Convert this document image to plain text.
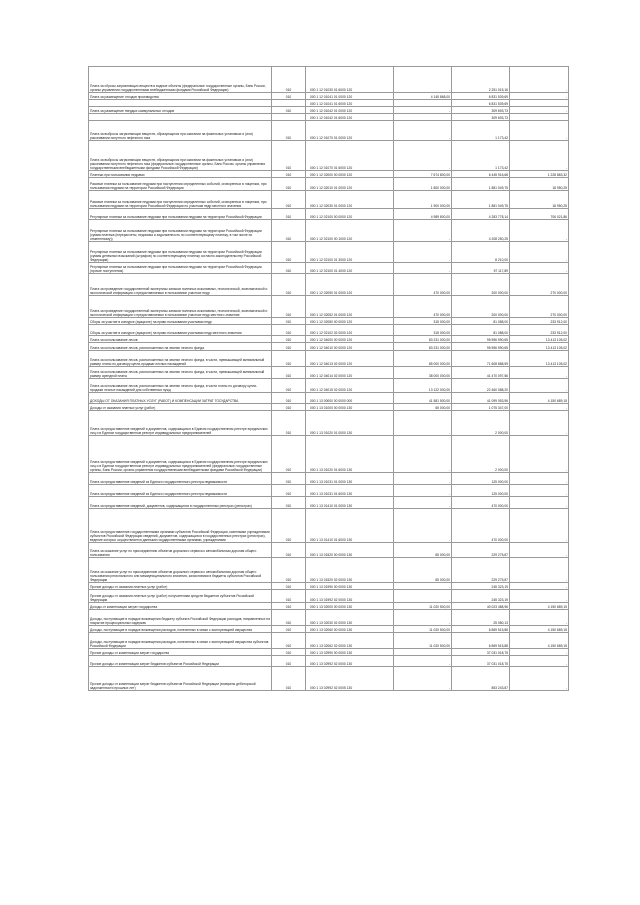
Плата за сбросы загрязняющих веществ в водные объекты (федеральные государственные органы, Банк России, органы управления государственными внебюджетными фондами Российской Федерации)	010	000 1 12 01030 01 6000 120	-	2 251 015,16	-
Плата за размещение отходов производства	010	000 1 12 01041 01 0000 120	4 145 868,00	6 831 539,69	-
		000 1 12 01041 01 6000 120		6 831 539,69	
Плата за размещение твердых коммунальных отходов	010	000 1 12 01042 01 0000 120	-	309 693,73	-
		000 1 12 01042 01 6000 120		309 693,73	
Плата за выбросы загрязняющих веществ, образующихся при сжигании на факельных установках и (или) рассеивании попутного нефтяного газа	010	000 1 12 01070 01 0000 120	-	1 173,42	-
Плата за выбросы загрязняющих веществ, образующихся при сжигании на факельных установках и (или) рассеивании попутного нефтяного газа (федеральные государственные органы, Банк России, органы управления государственными внебюджетными фондами Российской Федерации)	010	000 1 12 01070 01 6000 120	-	1 173,42	-
Платежи при пользовании недрами	010	000 1 12 02000 00 0000 120	7 674 800,00	6 445 916,68	1 228 883,32
Разовые платежи за пользование недрами при наступлении определенных событий, оговоренных в лицензии, при пользовании недрами на территории Российской Федерации	010	000 1 12 02010 01 0000 120	1 800 000,00	1 881 049,75	18 950,25
Разовые платежи за пользование недрами при наступлении определенных событий, оговоренных в лицензии, при пользовании недрами на территории Российской Федерации по участкам недр местного значения	010	000 1 12 02030 01 0000 120	1 900 000,00	1 881 049,75	18 950,25
Регулярные платежи за пользование недрами при пользовании недрами на территории Российской Федерации	010	000 1 12 02100 00 0000 120	4 989 800,00	4 283 778,14	706 021,86
Регулярные платежи за пользование недрами при пользовании недрами на территории Российской Федерации (сумма платежа (перерасчеты, недоимка и задолженность по соответствующему платежу, в том числе по отмененному))	010	000 1 12 02100 00 1000 120	-	4 208 250,25	-
Регулярные платежи за пользование недрами при пользовании недрами на территории Российской Федерации (суммы денежных взысканий (штрафов) по соответствующему платежу согласно законодательству Российской Федерации)	010	000 1 12 02100 01 3000 120	-	8 210,00	-
Регулярные платежи за пользование недрами при пользовании недрами на территории Российской Федерации (прочие поступления)	010	000 1 12 02100 01 4000 120	-	57 117,89	-
Плата за проведение государственной экспертизы запасов полезных ископаемых, геологической, экономической и экологической информации о предоставляемых в пользование участках недр	010	000 1 12 02050 01 0000 120	470 000,00	200 000,00	270 000,00
Плата за проведение государственной экспертизы запасов полезных ископаемых, геологической, экономической и экологической информации о предоставляемых в пользование участках недр местного значения	010	000 1 12 02052 01 0000 120	470 000,00	200 000,00	270 000,00
Сборы за участие в конкурсе (аукционе) на право пользования участками недр	010	000 1 12 02080 00 0000 120	315 000,00	81 088,00	233 912,00
Сборы за участие в конкурсе (аукционе) на право пользования участками недр местного значения	010	000 1 12 02102 02 0000 120	315 000,00	81 088,00	233 912,00
Плата за использование лесов	010	000 1 12 04000 00 0000 120	83 231 000,00	95 596 590,65	13 413 105,02
Плата за использование лесов, расположенных на землях лесного фонда	010	000 1 12 04010 00 0000 120	83 231 000,00	95 596 590,65	13 413 105,02
Плата за использование лесов, расположенных на землях лесного фонда, в части, превышающей минимальный размер платы по договору купли-продажи лесных насаждений	010	000 1 12 04013 02 0000 120	85 000 000,00	71 608 888,59	13 413 105,02
Плата за использование лесов, расположенных на землях лесного фонда, в части, превышающей минимальный размер арендной платы	010	000 1 12 04014 02 0000 120	38 000 000,00	41 470 097,56	-
Плата за использование лесов, расположенных на землях лесного фонда, в части платы по договору купли-продажи лесных насаждений для собственных нужд	010	000 1 12 04015 02 0000 120	13 122 000,00	22 460 088,20	-
ДОХОДЫ ОТ ОКАЗАНИЯ ПЛАТНЫХ УСЛУГ (РАБОТ) И КОМПЕНСАЦИИ ЗАТРАТ ГОСУДАРСТВА	010	000 1 13 00000 00 0000 000	41 581 500,00	41 099 053,96	4 150 689,15
Доходы от оказания платных услуг (работ)	010	000 1 13 01000 00 0000 130	65 000,00	1 075 347,00	-
Плата за предоставление сведений и документов, содержащихся в Едином государственном реестре юридических лиц и в Едином государственном реестре индивидуальных предпринимателей	010	000 1 13 01020 01 0000 130	-	2 000,00	-
Плата за предоставление сведений и документов, содержащихся в Едином государственном реестре юридических лиц и в Едином государственном реестре индивидуальных предпринимателей (федеральные государственные органы, Банк России, органы управления государственными внебюджетными фондами Российской Федерации)	010	000 1 13 01020 01 6000 130	-	2 000,00	-
Плата за предоставление сведений из Единого государственного реестра недвижимости	010	000 1 13 01031 01 0000 130	-	125 000,00	-
Плата за предоставление сведений из Единого государственного реестра недвижимости	010	000 1 13 01031 01 6000 130	-	125 000,00	-
Плата за предоставление сведений, документов, содержащихся в государственных реестрах (регистрах)	010	000 1 13 01410 01 0000 130	-	470 000,00	-
Плата за предоставление государственными органами субъектов Российской Федерации, казенными учреждениями субъектов Российской Федерации сведений, документов, содержащихся в государственных реестрах (регистрах), ведение которых осуществляется данными государственными органами, учреждениями	010	000 1 13 01410 01 6000 130	-	470 000,00	-
Плата за оказание услуг по присоединению объектов дорожного сервиса к автомобильным дорогам общего пользования	010	000 1 13 01520 00 0000 130	65 000,00	229 275,87	-
Плата за оказание услуг по присоединению объектов дорожного сервиса к автомобильным дорогам общего пользования регионального или межмуниципального значения, зачисляемая в бюджеты субъектов Российской Федерации	010	000 1 13 01520 02 0000 130	65 000,00	229 275,87	-
Прочие доходы от оказания платных услуг (работ)	010	000 1 13 01990 00 0000 130	-	245 323,19	-
Прочие доходы от оказания платных услуг (работ) получателями средств бюджетов субъектов Российской Федерации	010	000 1 13 01992 02 0000 130	-	245 323,19	-
Доходы от компенсации затрат государства	010	000 1 13 02000 00 0000 130	11 020 500,00	40 023 488,96	4 150 689,15
Доходы, поступающие в порядке возмещения бюджету субъекта Российской Федерации расходов, направленных на покрытие процессуальных издержек	010	000 1 13 02030 02 0000 130	-	25 080,13	-
Доходы, поступающие в порядке возмещения расходов, понесенных в связи с эксплуатацией имущества	010	000 1 13 02060 00 0000 130	11 020 500,00	6 869 515,88	4 150 689,15
Доходы, поступающие в порядке возмещения расходов, понесенных в связи с эксплуатацией имущества субъектов Российской Федерации	010	000 1 13 02062 02 0000 130	11 020 500,00	6 869 515,88	4 150 689,15
Прочие доходы от компенсации затрат государства	010	000 1 13 02990 00 0000 130	-	37 031 018,75	-
Прочие доходы от компенсации затрат бюджетов субъектов Российской Федерации	010	000 1 13 02992 02 0000 130	-	37 031 018,75	-
Прочие доходы от компенсации затрат бюджетов субъектов Российской Федерации (возвраты дебиторской задолженности прошлых лет)	010	000 1 13 02992 02 0005 130	-	853 243,87	-
